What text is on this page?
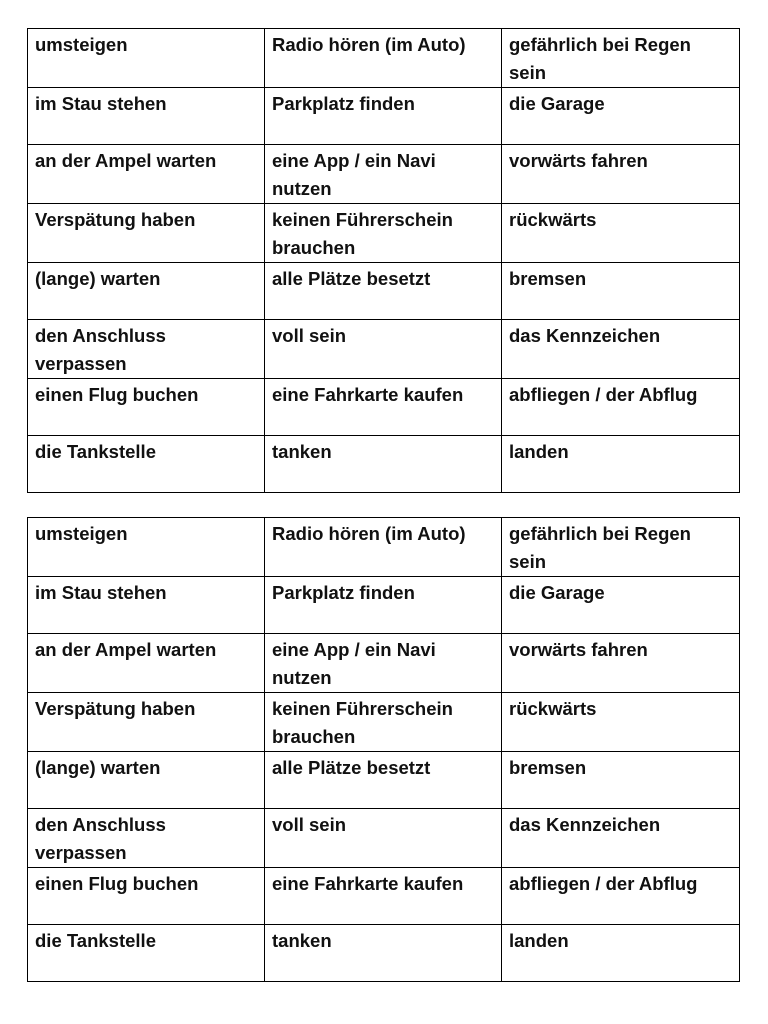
umsteigen	Radio hören (im Auto)	gefährlich bei Regen sein
im Stau stehen	Parkplatz finden	die Garage
an der Ampel warten	eine App / ein Navi nutzen	vorwärts fahren
Verspätung haben	keinen Führerschein brauchen	rückwärts
(lange) warten	alle Plätze besetzt	bremsen
den Anschluss verpassen	voll sein	das Kennzeichen
einen Flug buchen	eine Fahrkarte kaufen	abfliegen / der Abflug
die Tankstelle	tanken	landen
umsteigen	Radio hören (im Auto)	gefährlich bei Regen sein
im Stau stehen	Parkplatz finden	die Garage
an der Ampel warten	eine App / ein Navi nutzen	vorwärts fahren
Verspätung haben	keinen Führerschein brauchen	rückwärts
(lange) warten	alle Plätze besetzt	bremsen
den Anschluss verpassen	voll sein	das Kennzeichen
einen Flug buchen	eine Fahrkarte kaufen	abfliegen / der Abflug
die Tankstelle	tanken	landen
